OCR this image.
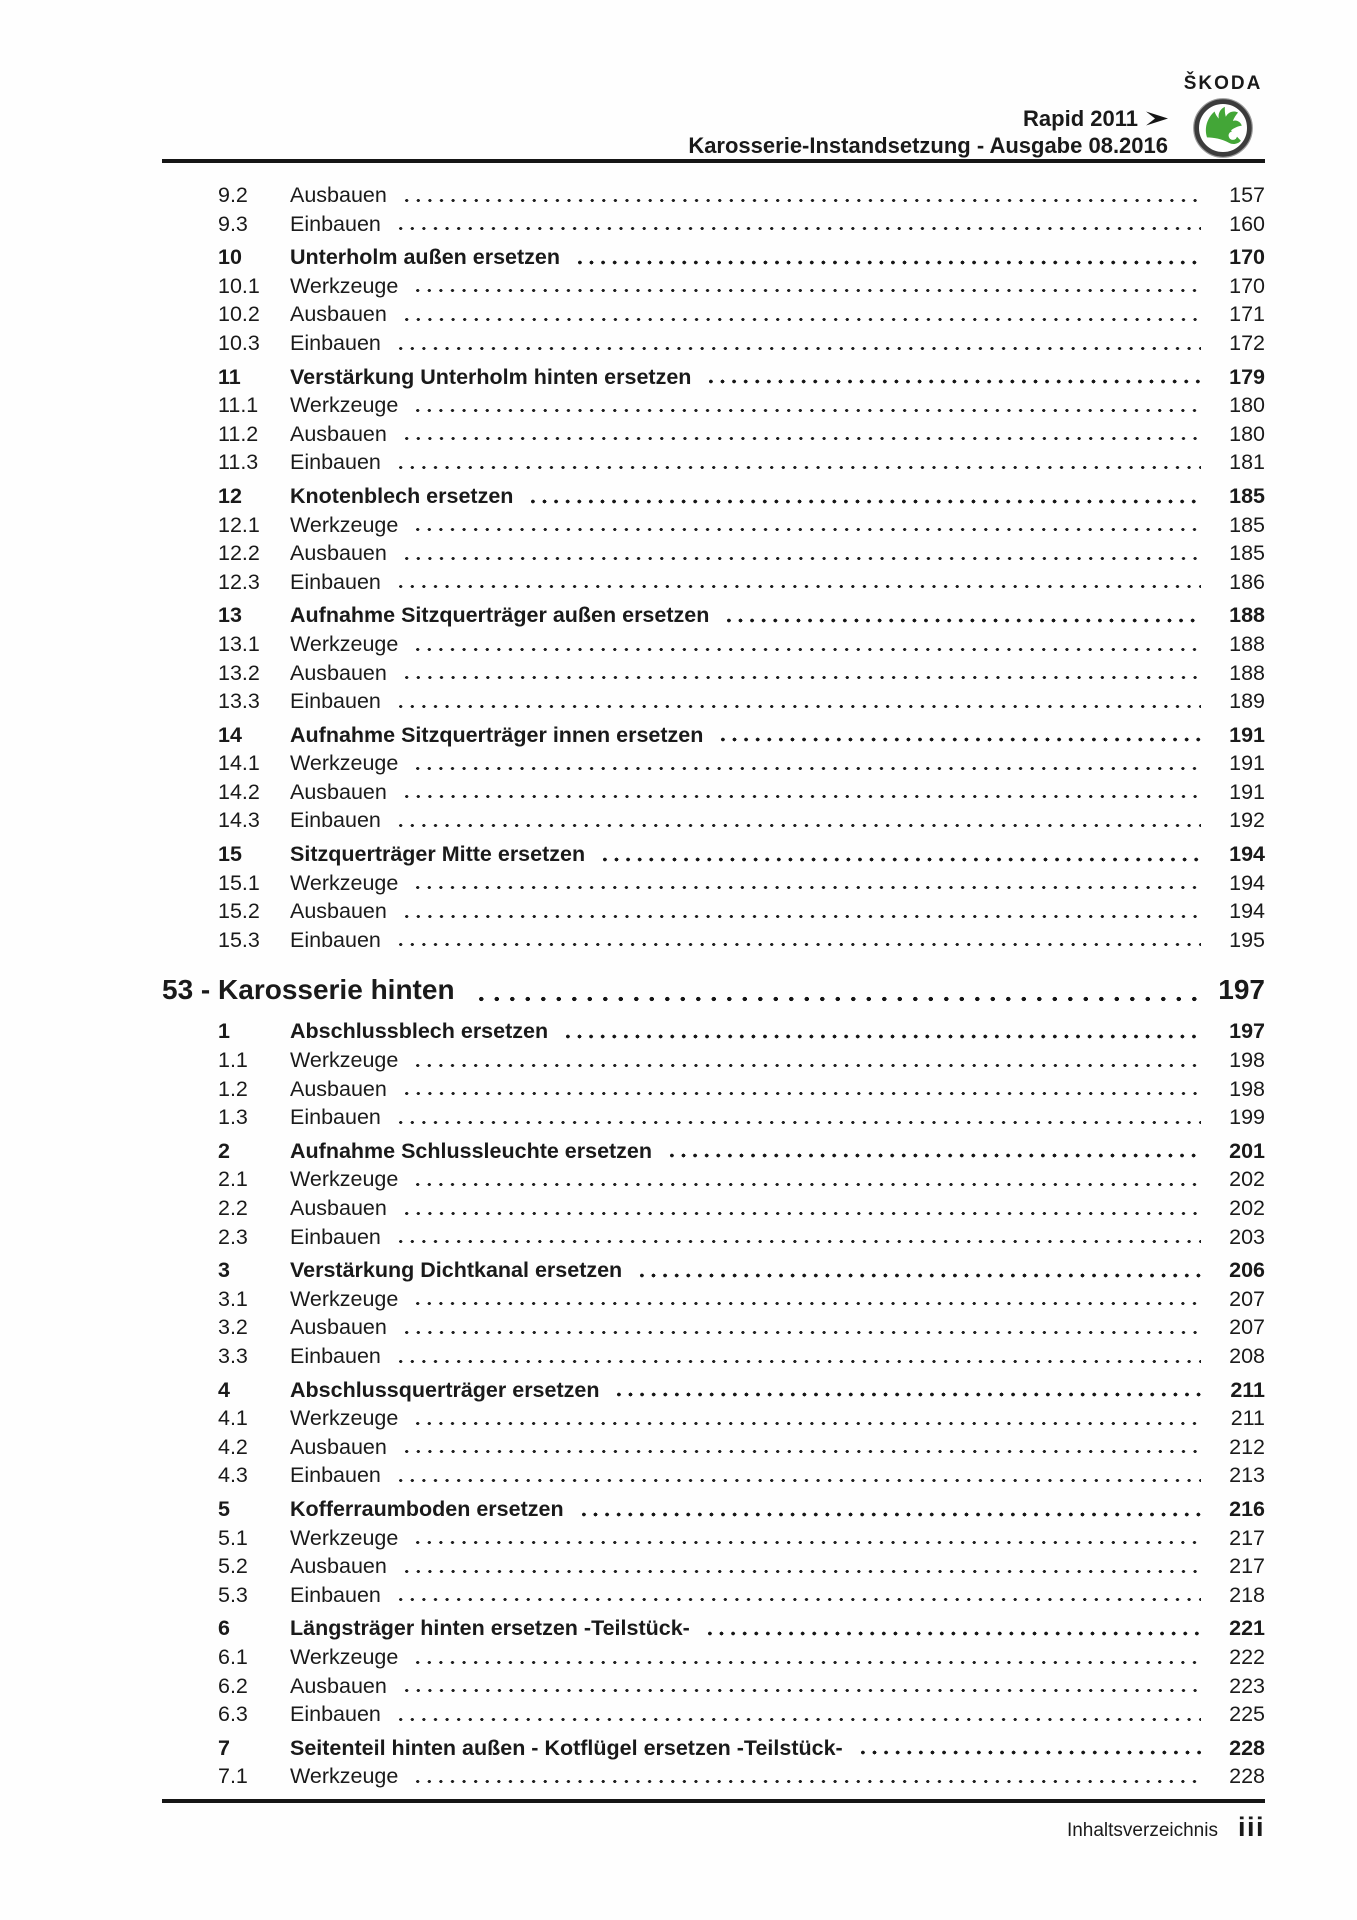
Rapid 2011
Karosserie-Instandsetzung - Ausgabe 08.2016
ŠKODA
9.2	Ausbauen	157
9.3	Einbauen	160
10	Unterholm außen ersetzen	170
10.1	Werkzeuge	170
10.2	Ausbauen	171
10.3	Einbauen	172
11	Verstärkung Unterholm hinten ersetzen	179
11.1	Werkzeuge	180
11.2	Ausbauen	180
11.3	Einbauen	181
12	Knotenblech ersetzen	185
12.1	Werkzeuge	185
12.2	Ausbauen	185
12.3	Einbauen	186
13	Aufnahme Sitzquerträger außen ersetzen	188
13.1	Werkzeuge	188
13.2	Ausbauen	188
13.3	Einbauen	189
14	Aufnahme Sitzquerträger innen ersetzen	191
14.1	Werkzeuge	191
14.2	Ausbauen	191
14.3	Einbauen	192
15	Sitzquerträger Mitte ersetzen	194
15.1	Werkzeuge	194
15.2	Ausbauen	194
15.3	Einbauen	195
53 - Karosserie hinten	197
1	Abschlussblech ersetzen	197
1.1	Werkzeuge	198
1.2	Ausbauen	198
1.3	Einbauen	199
2	Aufnahme Schlussleuchte ersetzen	201
2.1	Werkzeuge	202
2.2	Ausbauen	202
2.3	Einbauen	203
3	Verstärkung Dichtkanal ersetzen	206
3.1	Werkzeuge	207
3.2	Ausbauen	207
3.3	Einbauen	208
4	Abschlussquerträger ersetzen	211
4.1	Werkzeuge	211
4.2	Ausbauen	212
4.3	Einbauen	213
5	Kofferraumboden ersetzen	216
5.1	Werkzeuge	217
5.2	Ausbauen	217
5.3	Einbauen	218
6	Längsträger hinten ersetzen -Teilstück-	221
6.1	Werkzeuge	222
6.2	Ausbauen	223
6.3	Einbauen	225
7	Seitenteil hinten außen - Kotflügel ersetzen -Teilstück-	228
7.1	Werkzeuge	228
Inhaltsverzeichnis iii
